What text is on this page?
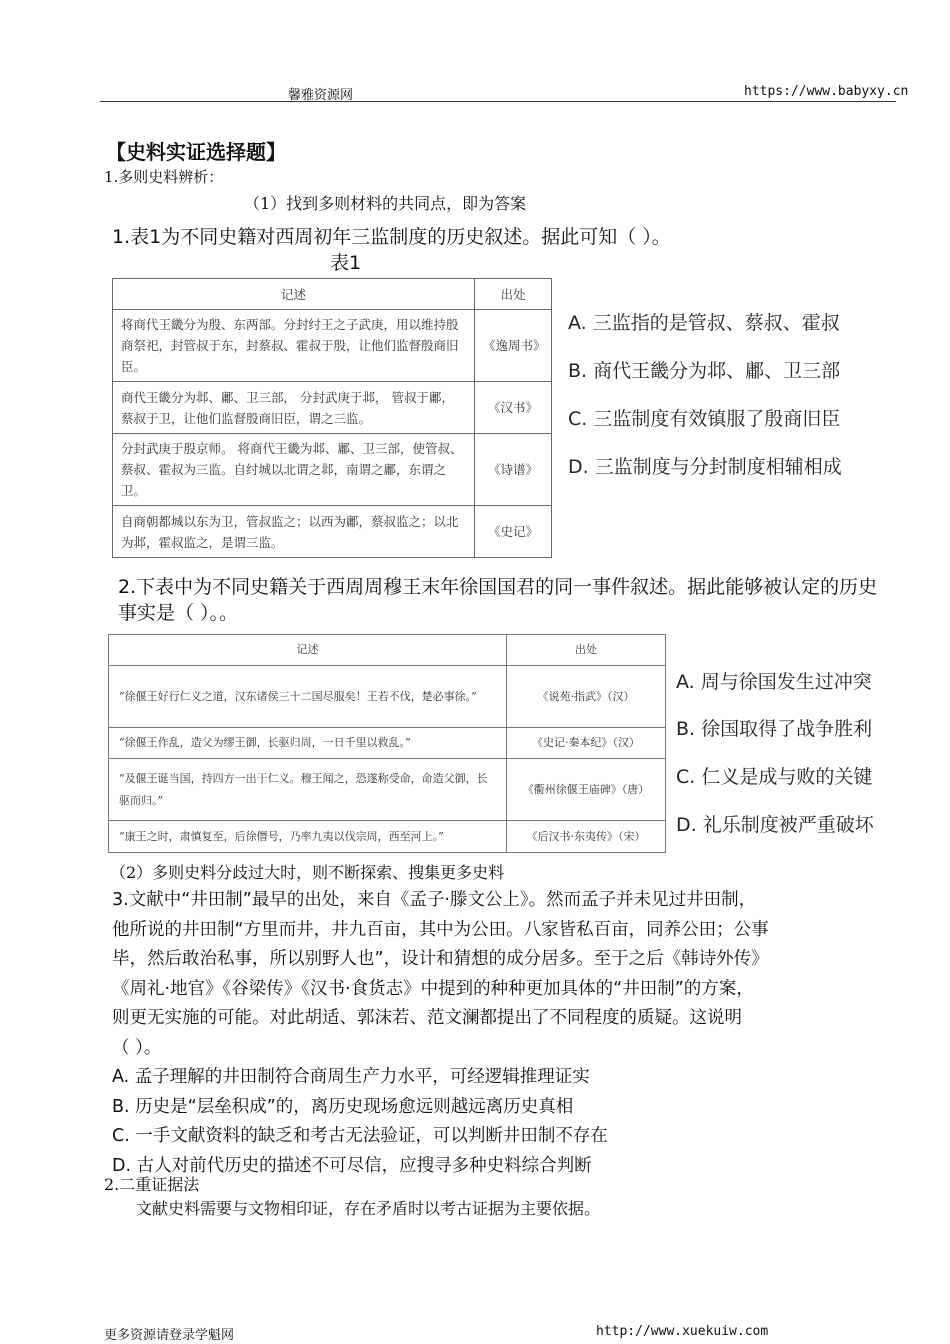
馨雅资源网	https://www.babyxy.cn
【史料实证选择题】
1.多则史料辨析：
（1）找到多则材料的共同点，即为答案
1.表1为不同史籍对西周初年三监制度的历史叙述。据此可知（ ）。
表1
记述	出处
将商代王畿分为殷、东两部。分封纣王之子武庚，用以维持殷商祭祀，封管叔于东，封蔡叔、霍叔于殷，让他们监督殷商旧臣。	《逸周书》
商代王畿分为邶、鄘、卫三部， 分封武庚于邶， 管叔于鄘，蔡叔于卫，让他们监督殷商旧臣，谓之三监。	《汉书》
分封武庚于殷京师。 将商代王畿为邶、鄘、卫三部，使管叔、蔡叔、霍叔为三监。自纣城以北谓之邶，南谓之鄘，东谓之卫。	《诗谱》
自商朝都城以东为卫，管叔监之；以西为鄘，蔡叔监之；以北为邶，霍叔监之，是谓三监。	《史记》
A. 三监指的是管叔、蔡叔、霍叔
B. 商代王畿分为邶、鄘、卫三部
C. 三监制度有效镇服了殷商旧臣
D. 三监制度与分封制度相辅相成
2.下表中为不同史籍关于西周周穆王末年徐国国君的同一事件叙述。据此能够被认定的历史事实是（ ）。。
记述	出处
“徐偃王好行仁义之道，汉东诸侯三十二国尽服矣！王若不伐，楚必事徐。”	《说苑·指武》（汉）
“徐偃王作乱，造父为缪王御，长驱归周，一日千里以救乱。”	《史记·秦本纪》（汉）
“及偃王诞当国，持四方一出于仁义。穆王闻之，恐遂称受命，命造父御，长驱而归。”	《衢州徐偃王庙碑》（唐）
“康王之时，肃慎复至，后徐僭号，乃率九夷以伐宗周，西至河上。”	《后汉书·东夷传》（宋）
A. 周与徐国发生过冲突
B. 徐国取得了战争胜利
C. 仁义是成与败的关键
D. 礼乐制度被严重破坏
（2）多则史料分歧过大时，则不断探索、搜集更多史料
3.文献中“井田制”最早的出处，来自《孟子·滕文公上》。然而孟子并未见过井田制，
他所说的井田制“方里而井，井九百亩，其中为公田。八家皆私百亩，同养公田；公事
毕，然后敢治私事，所以别野人也”，设计和猜想的成分居多。至于之后《韩诗外传》
《周礼·地官》《谷梁传》《汉书·食货志》中提到的种种更加具体的“井田制”的方案，
则更无实施的可能。对此胡适、郭沫若、范文澜都提出了不同程度的质疑。这说明
（ ）。
A. 孟子理解的井田制符合商周生产力水平，可经逻辑推理证实
B. 历史是“层垒积成”的，离历史现场愈远则越远离历史真相
C. 一手文献资料的缺乏和考古无法验证，可以判断井田制不存在
D. 古人对前代历史的描述不可尽信，应搜寻多种史料综合判断
2.二重证据法
文献史料需要与文物相印证，存在矛盾时以考古证据为主要依据。
更多资源请登录学魁网	http://www.xuekuiw.com
